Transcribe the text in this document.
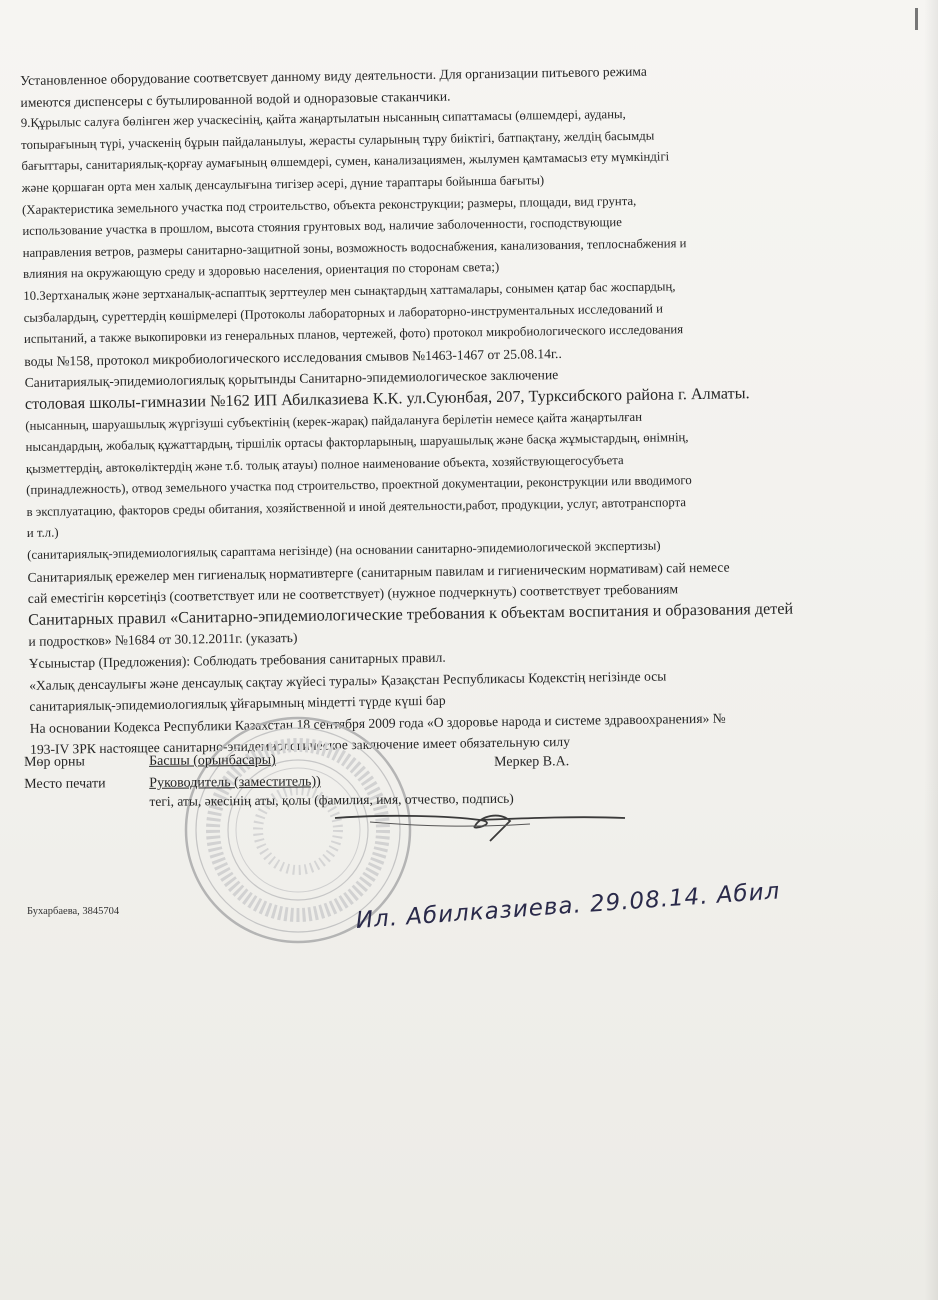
Установленное оборудование соответсвует данному виду деятельности. Для организации питьевого режима
имеются диспенсеры с бутылированной водой и одноразовые стаканчики.
9.Құрылыс салуға бөлінген жер учаскесінің, қайта жаңартылатын нысанның сипаттамасы (өлшемдері, ауданы,
топырағының түрі, учаскенің бұрын пайдаланылуы, жерасты суларының тұру биіктігі, батпақтану, желдің басымды
бағыттары, санитариялық-қорғау аумағының өлшемдері, сумен, канализациямен, жылумен қамтамасыз ету мүмкіндігі
және қоршаған орта мен халық денсаулығына тигізер әсері, дүние тараптары бойынша бағыты)
(Характеристика земельного участка под строительство, объекта реконструкции; размеры, площади, вид грунта,
использование участка в прошлом, высота стояния грунтовых вод, наличие заболоченности, господствующие
направления ветров, размеры санитарно-защитной зоны, возможность водоснабжения, канализования, теплоснабжения и
влияния на окружающую среду и здоровью населения, ориентация по сторонам света;)
10.Зертханалық және зертханалық-аспаптық зерттеулер мен сынақтардың хаттамалары, сонымен қатар бас жоспардың,
сызбалардың, суреттердің көшірмелері (Протоколы лабораторных и лабораторно-инструментальных исследований и
испытаний, а также выкопировки из генеральных планов, чертежей, фото) протокол микробиологического исследования
воды №158, протокол микробиологического исследования смывов №1463-1467 от 25.08.14г..
Санитариялық-эпидемиологиялық қорытынды Санитарно-эпидемиологическое заключение
столовая школы-гимназии №162 ИП Абилказиева К.К. ул.Суюнбая, 207, Турксибского района г. Алматы.
(нысанның, шаруашылық жүргізуші субъектінің (керек-жарақ) пайдалануға берілетін немесе қайта жаңартылған
нысандардың, жобалық құжаттардың, тіршілік ортасы факторларының, шаруашылық және басқа жұмыстардың, өнімнің,
қызметтердің, автокөліктердің және т.б. толық атауы) полное наименование объекта, хозяйствующегосубъета
(принадлежность), отвод земельного участка под строительство, проектной документации, реконструкции или вводимого
в эксплуатацию, факторов среды обитания, хозяйственной и иной деятельности,работ, продукции, услуг, автотранспорта
и т.л.)
(санитариялық-эпидемиологиялық сараптама негізінде) (на основании санитарно-эпидемиологической экспертизы)
Санитариялық ережелер мен гигиеналық нормативтерге (санитарным павилам и гигиеническим нормативам) сай немесе
сай еместігін көрсетіңіз (соответствует или не соответствует) (нужное подчеркнуть) соответствует требованиям
Санитарных правил «Санитарно-эпидемиологические требования к объектам воспитания и образования детей
и подростков» №1684 от 30.12.2011г. (указать)
Ұсыныстар (Предложения): Соблюдать требования санитарных правил.
«Халық денсаулығы және денсаулық сақтау жүйесі туралы» Қазақстан Республикасы Кодекстің негізінде осы
санитариялық-эпидемиологиялық ұйғарымның міндетті түрде күші бар
На основании Кодекса Республики Казахстан 18 сентября 2009 года «О здоровье народа и системе здравоохранения» №
193-IV ЗРК настоящее санитарно-эпидемиологическое заключение имеет обязательную силу
Мөр орны	Басшы (орынбасары)
Место печати	Руководитель (заместитель))
Меркер В.А.
тегі, аты, әкесінің аты, қолы (фамилия, имя, отчество, подпись)
Бухарбаева, 3845704	Ил. Абилказиева. 29.08.14. Абил
